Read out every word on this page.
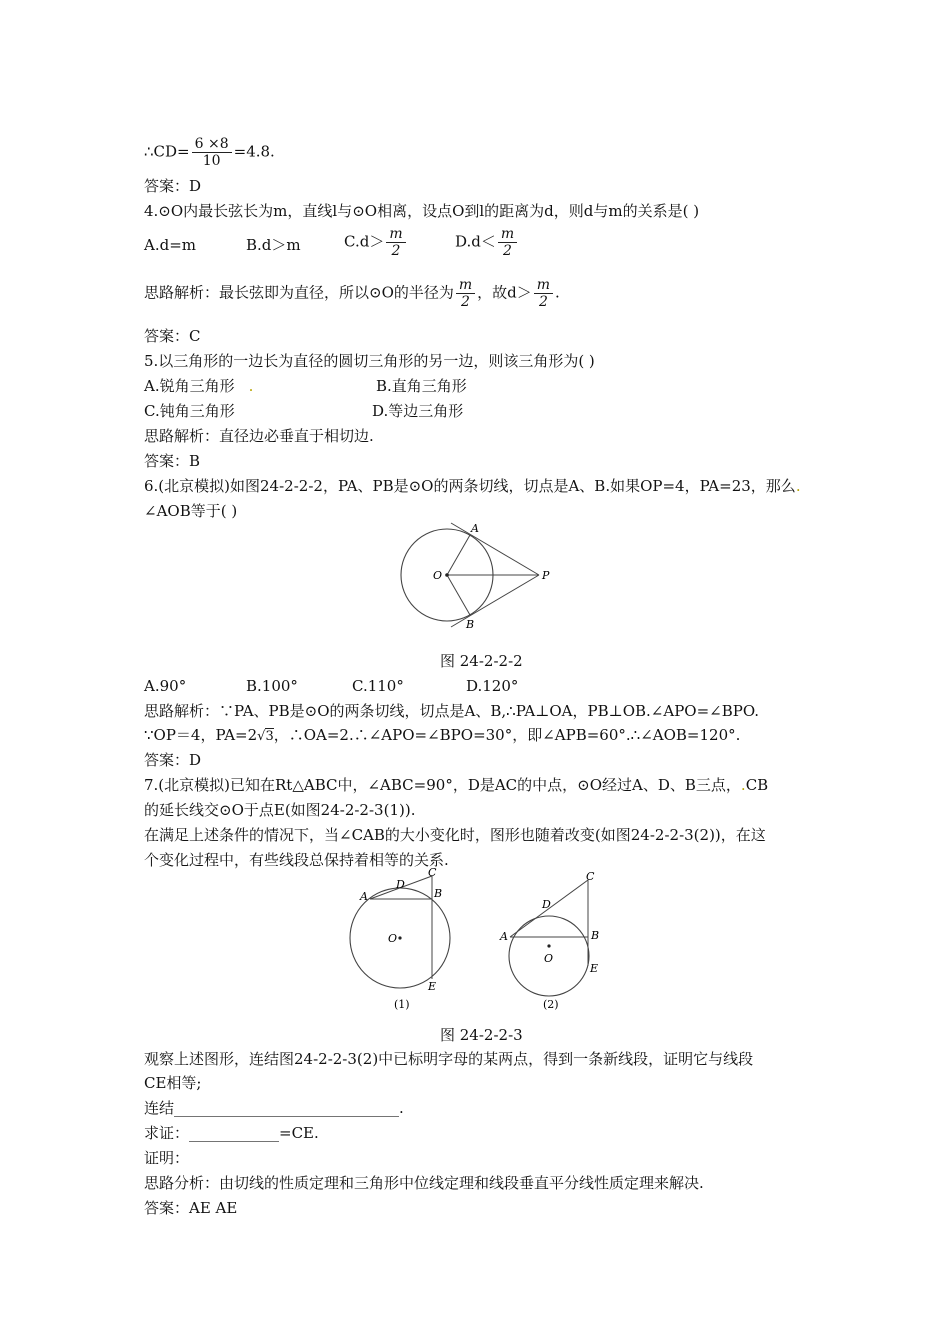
∴CD= $\frac{6 \times 8}{10} =4.8$.
答案：D
4.⊙O内最长弦长为m，直线l与⊙O相离，设点O到l的距离为d，则d与m的关系是( )
A.d=m	B.d＞m	$C.d> \frac{m}{2}$	$D.d< \frac{m}{2}$
思路解析：最长弦即为直径，所以⊙O的半径为 $\frac{m}{2}$ ，故$d> \frac{m}{2}$ .
答案：C
5.以三角形的一边长为直径的圆切三角形的另一边，则该三角形为( )
A.锐角三角形 .	B.直角三角形
C.钝角三角形	D.等边三角形
思路解析：直径边必垂直于相切边.
答案：B
6.(北京模拟)如图24-2-2-2，PA、PB是⊙O的两条切线，切点是A、B.如果OP=4，PA=23，那么.
∠AOB等于( )
A
B
O	P
图 24-2-2-2
A.90°	B.100°	C.110°	D.120°
思路解析：∵PA、PB是⊙O的两条切线，切点是A、B,∴PA⊥OA，PB⊥OB.∠APO=∠BPO.
∵OP＝4，PA=2√3，∴OA=2.∴∠APO=∠BPO=30°，即∠APB=60°.∴∠AOB=120°.
答案：D
7.(北京模拟)已知在Rt△ABC中，∠ABC=90°，D是AC的中点，⊙O经过A、D、B三点，.CB
的延长线交⊙O于点E(如图24-2-2-3(1)).
在满足上述条件的情况下，当∠CAB的大小变化时，图形也随着改变(如图24-2-2-3(2))，在这
个变化过程中，有些线段总保持着相等的关系.
A
D
C
B
O
E
(1)
A
D
C
B
O
E
(2)
图 24-2-2-3
观察上述图形，连结图24-2-2-3(2)中已标明字母的某两点，得到一条新线段，证明它与线段
CE相等;
连结______________________________.
求证：____________=CE.
证明：
思路分析：由切线的性质定理和三角形中位线定理和线段垂直平分线性质定理来解决.
答案：AE AE
